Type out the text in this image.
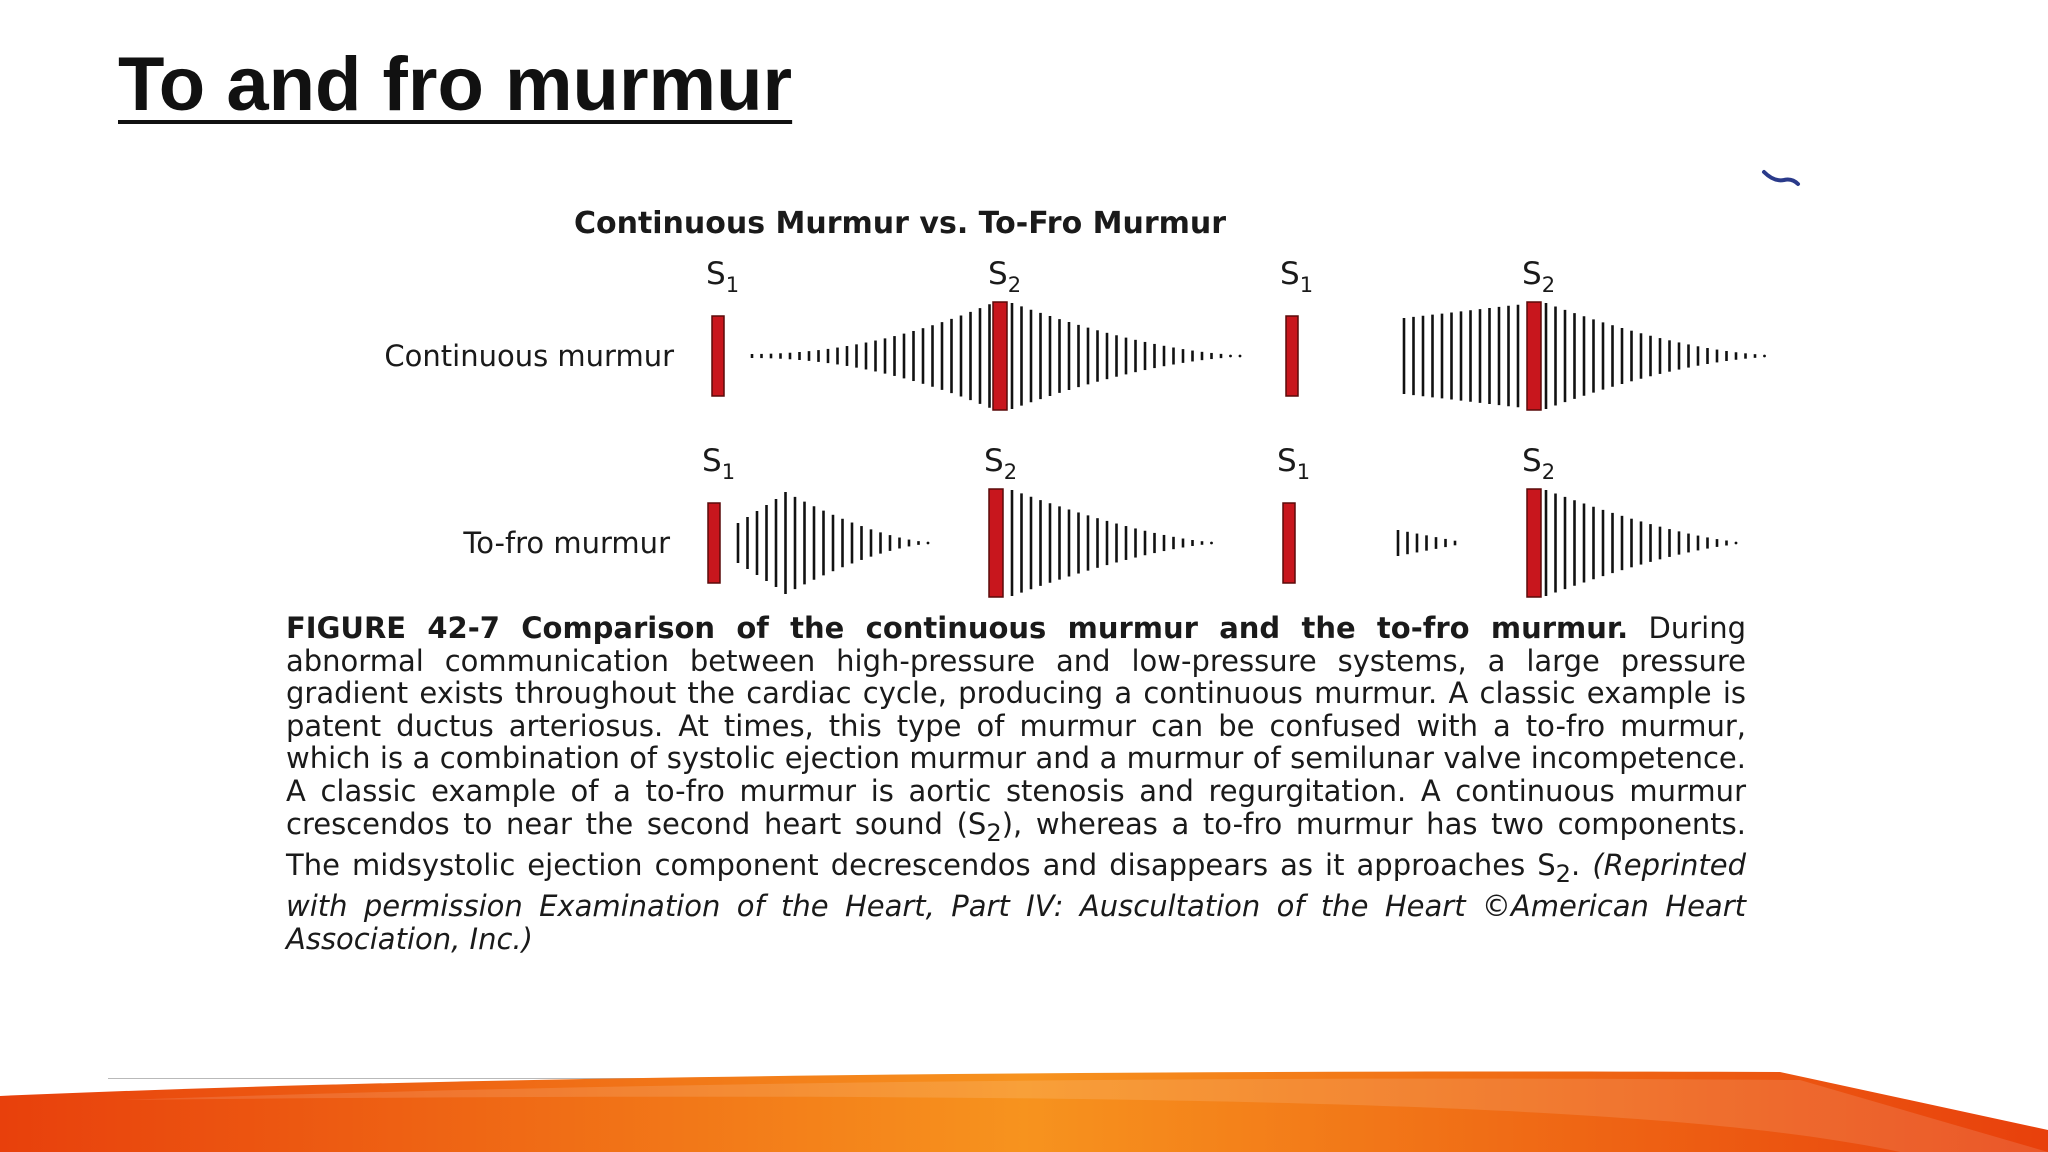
To and fro murmur
Continuous Murmur vs. To-Fro Murmur
Continuous murmur
To-fro murmur
$S_1$	$S_2$	$S_1$	$S_2$
$S_1$	$S_2$	$S_1$	$S_2$

FIGURE 42-7 Comparison of the continuous murmur and the to-fro murmur. During abnormal communication between high-pressure and low-pressure systems, a large pressure gradient exists throughout the cardiac cycle, producing a continuous murmur. A classic example is patent ductus arteriosus. At times, this type of murmur can be confused with a to-fro murmur, which is a combination of systolic ejection murmur and a murmur of semilunar valve incompetence. A classic example of a to-fro murmur is aortic stenosis and regurgitation. A continuous murmur crescendos to near the second heart sound $(S_2)$, whereas a to-fro murmur has two components. The midsystolic ejection component decrescendos and disappears as it approaches $S_2$. (Reprinted with permission Examination of the Heart, Part IV: Auscultation of the Heart ©American Heart Association, Inc.)
